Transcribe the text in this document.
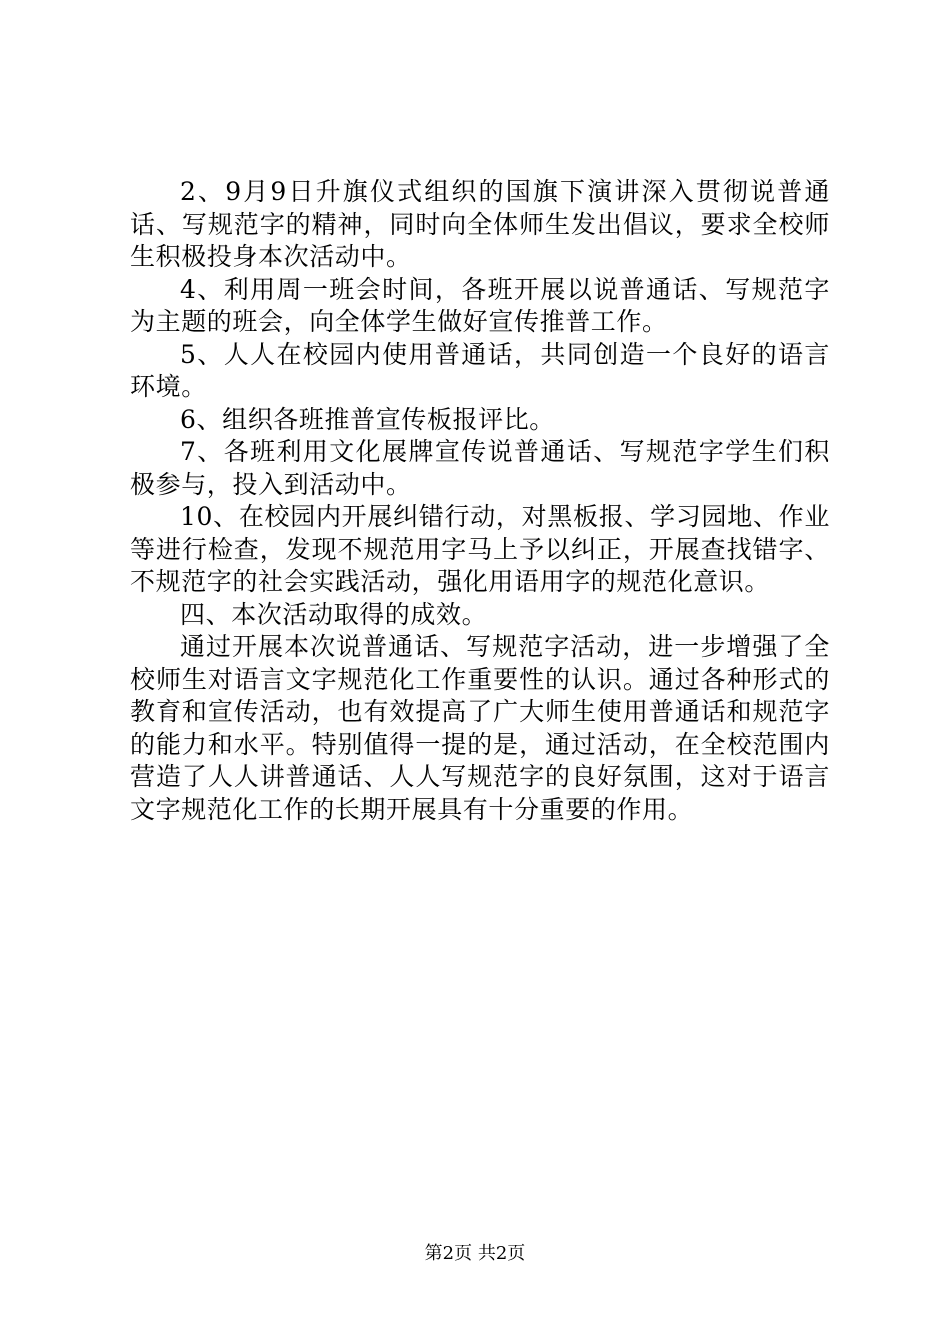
2、9月9日升旗仪式组织的国旗下演讲深入贯彻说普通话、写规范字的精神，同时向全体师生发出倡议，要求全校师生积极投身本次活动中。

4、利用周一班会时间，各班开展以说普通话、写规范字为主题的班会，向全体学生做好宣传推普工作。

5、人人在校园内使用普通话，共同创造一个良好的语言环境。

6、组织各班推普宣传板报评比。

7、各班利用文化展牌宣传说普通话、写规范字学生们积极参与，投入到活动中。

10、在校园内开展纠错行动，对黑板报、学习园地、作业等进行检查，发现不规范用字马上予以纠正，开展查找错字、不规范字的社会实践活动，强化用语用字的规范化意识。

四、本次活动取得的成效。

通过开展本次说普通话、写规范字活动，进一步增强了全校师生对语言文字规范化工作重要性的认识。通过各种形式的教育和宣传活动，也有效提高了广大师生使用普通话和规范字的能力和水平。特别值得一提的是，通过活动，在全校范围内营造了人人讲普通话、人人写规范字的良好氛围，这对于语言文字规范化工作的长期开展具有十分重要的作用。

第2页 共2页
